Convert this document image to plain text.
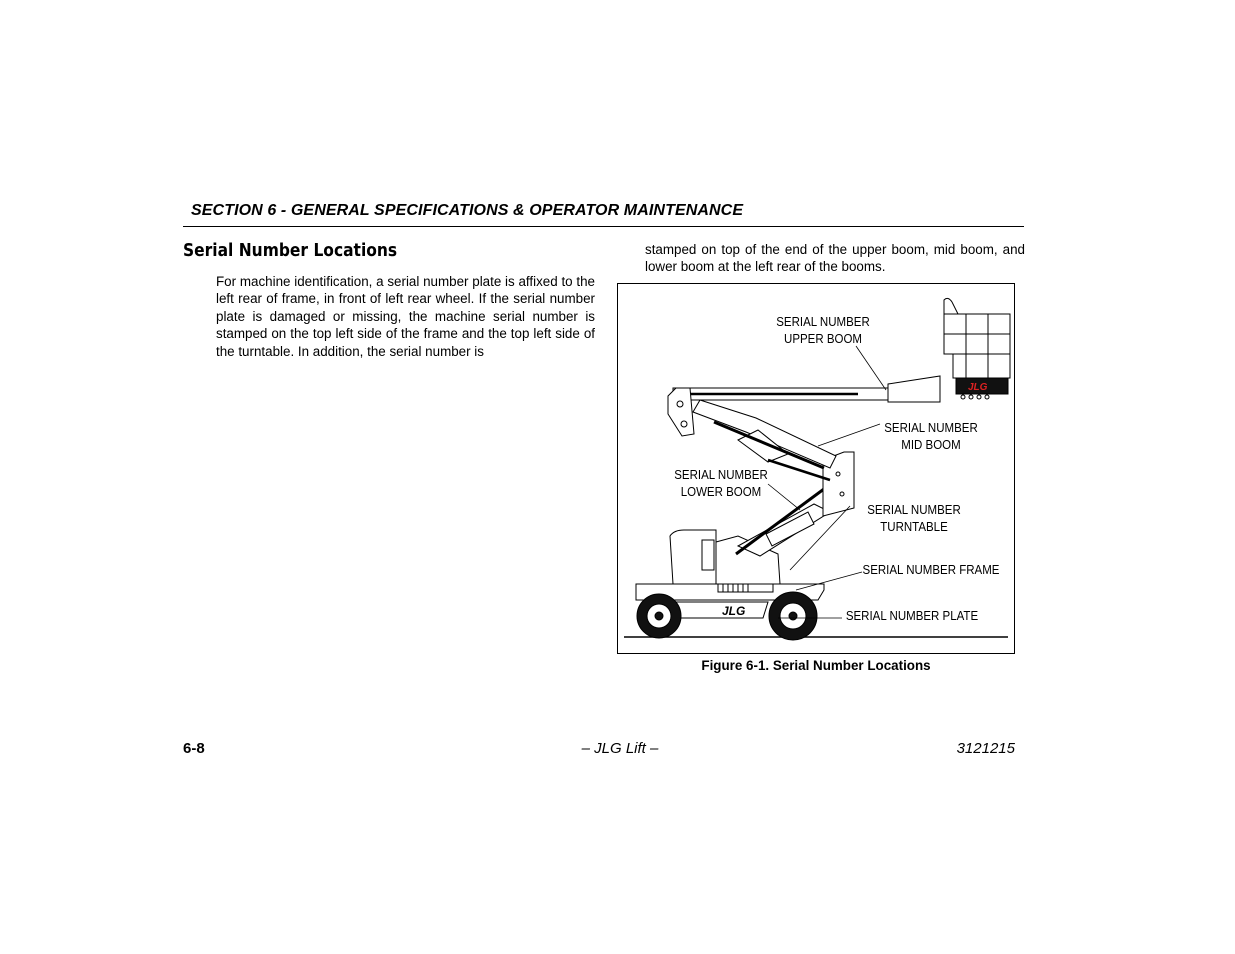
SECTION 6 - GENERAL SPECIFICATIONS & OPERATOR MAINTENANCE
Serial Number Locations
For machine identification, a serial number plate is affixed to the left rear of frame, in front of left rear wheel. If the serial number plate is damaged or missing, the machine serial number is stamped on the top left side of the frame and the top left side of the turntable. In addition, the serial number is
stamped on top of the end of the upper boom, mid boom, and lower boom at the left rear of the booms.
JLG
JLG
SERIAL NUMBER
UPPER BOOM
SERIAL NUMBER
MID BOOM
SERIAL NUMBER
LOWER BOOM
SERIAL NUMBER
TURNTABLE
SERIAL NUMBER FRAME
SERIAL NUMBER PLATE
Figure 6-1. Serial Number Locations
6-8	– JLG Lift –	3121215
